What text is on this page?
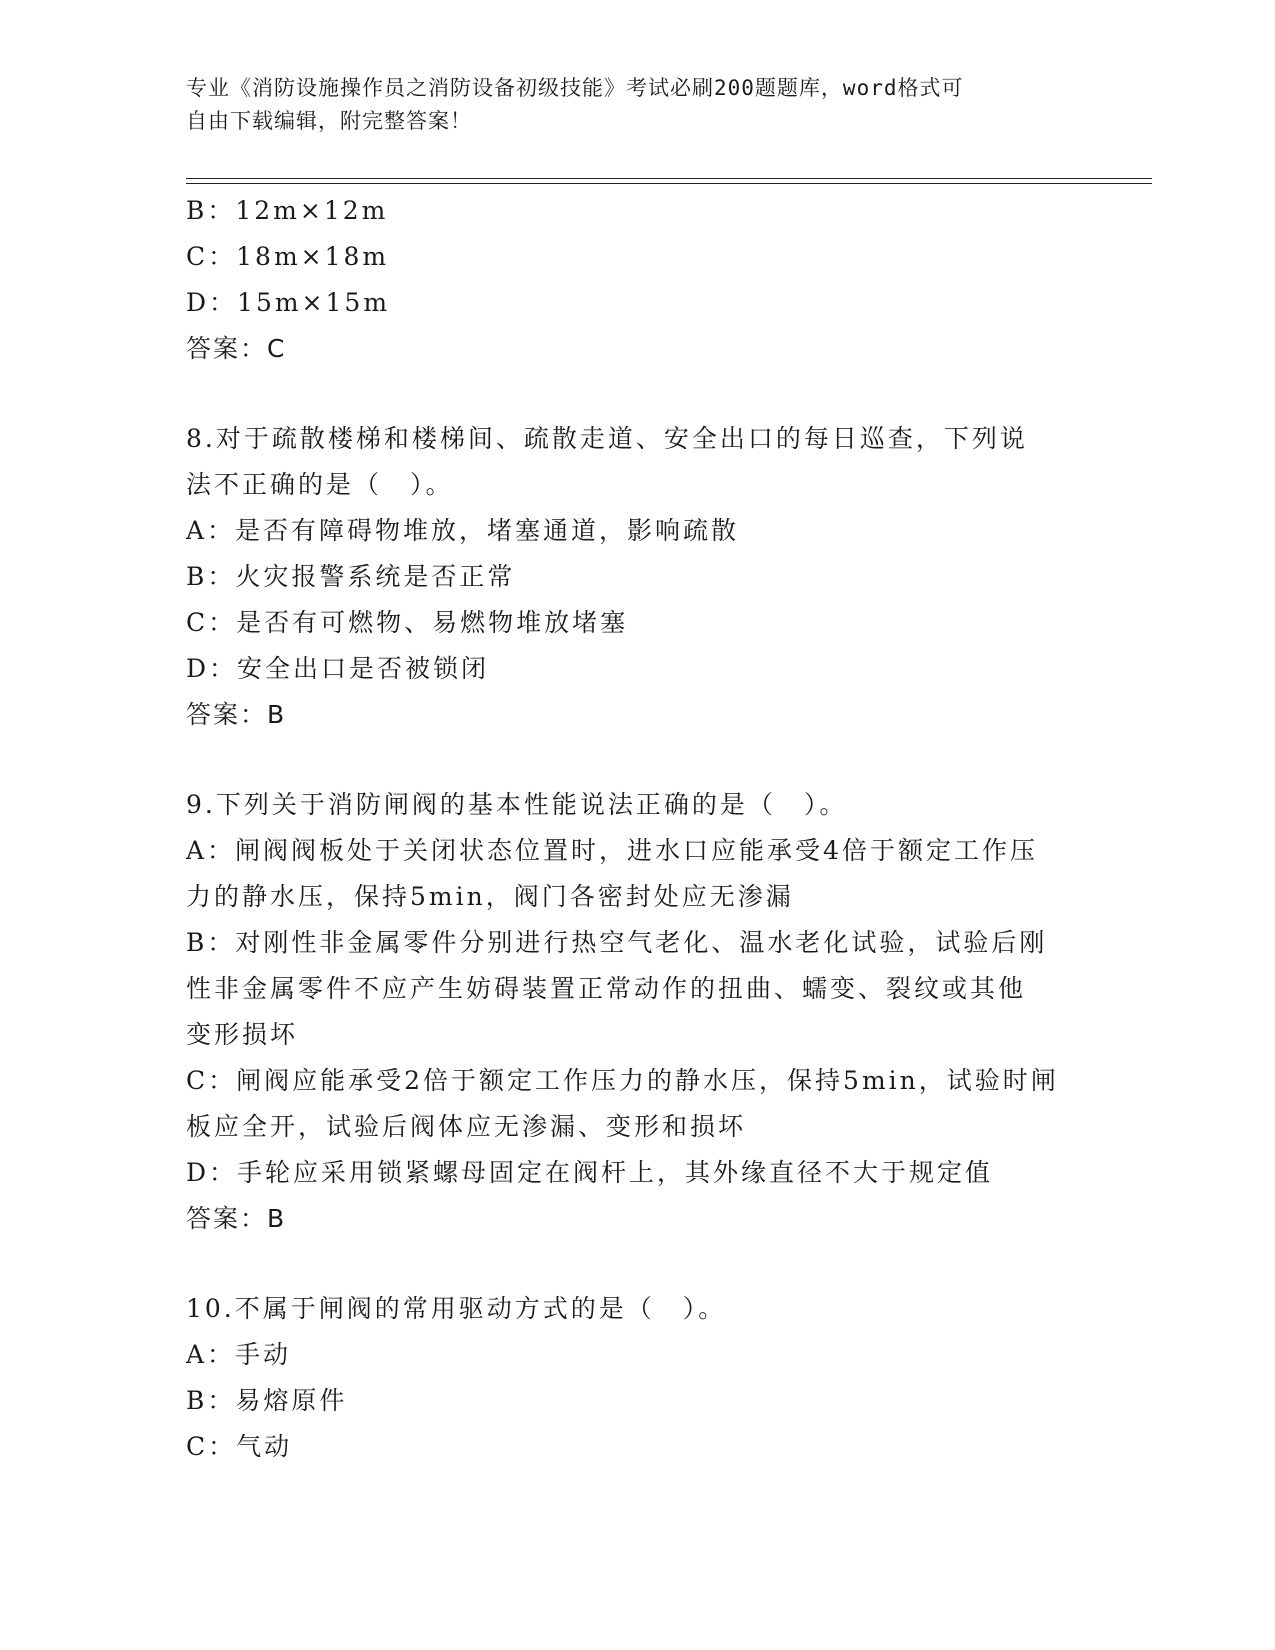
专业《消防设施操作员之消防设备初级技能》考试必刷200题题库，word格式可
自由下载编辑，附完整答案！
B：12m×12m
C：18m×18m
D：15m×15m
答案：C
8.对于疏散楼梯和楼梯间、疏散走道、安全出口的每日巡查，下列说
法不正确的是（　）。
A：是否有障碍物堆放，堵塞通道，影响疏散
B：火灾报警系统是否正常
C：是否有可燃物、易燃物堆放堵塞
D：安全出口是否被锁闭
答案：B
9.下列关于消防闸阀的基本性能说法正确的是（　）。
A：闸阀阀板处于关闭状态位置时，进水口应能承受4倍于额定工作压
力的静水压，保持5min，阀门各密封处应无渗漏
B：对刚性非金属零件分别进行热空气老化、温水老化试验，试验后刚
性非金属零件不应产生妨碍装置正常动作的扭曲、蠕变、裂纹或其他
变形损坏
C：闸阀应能承受2倍于额定工作压力的静水压，保持5min，试验时闸
板应全开，试验后阀体应无渗漏、变形和损坏
D：手轮应采用锁紧螺母固定在阀杆上，其外缘直径不大于规定值
答案：B
10.不属于闸阀的常用驱动方式的是（　）。
A：手动
B：易熔原件
C：气动
